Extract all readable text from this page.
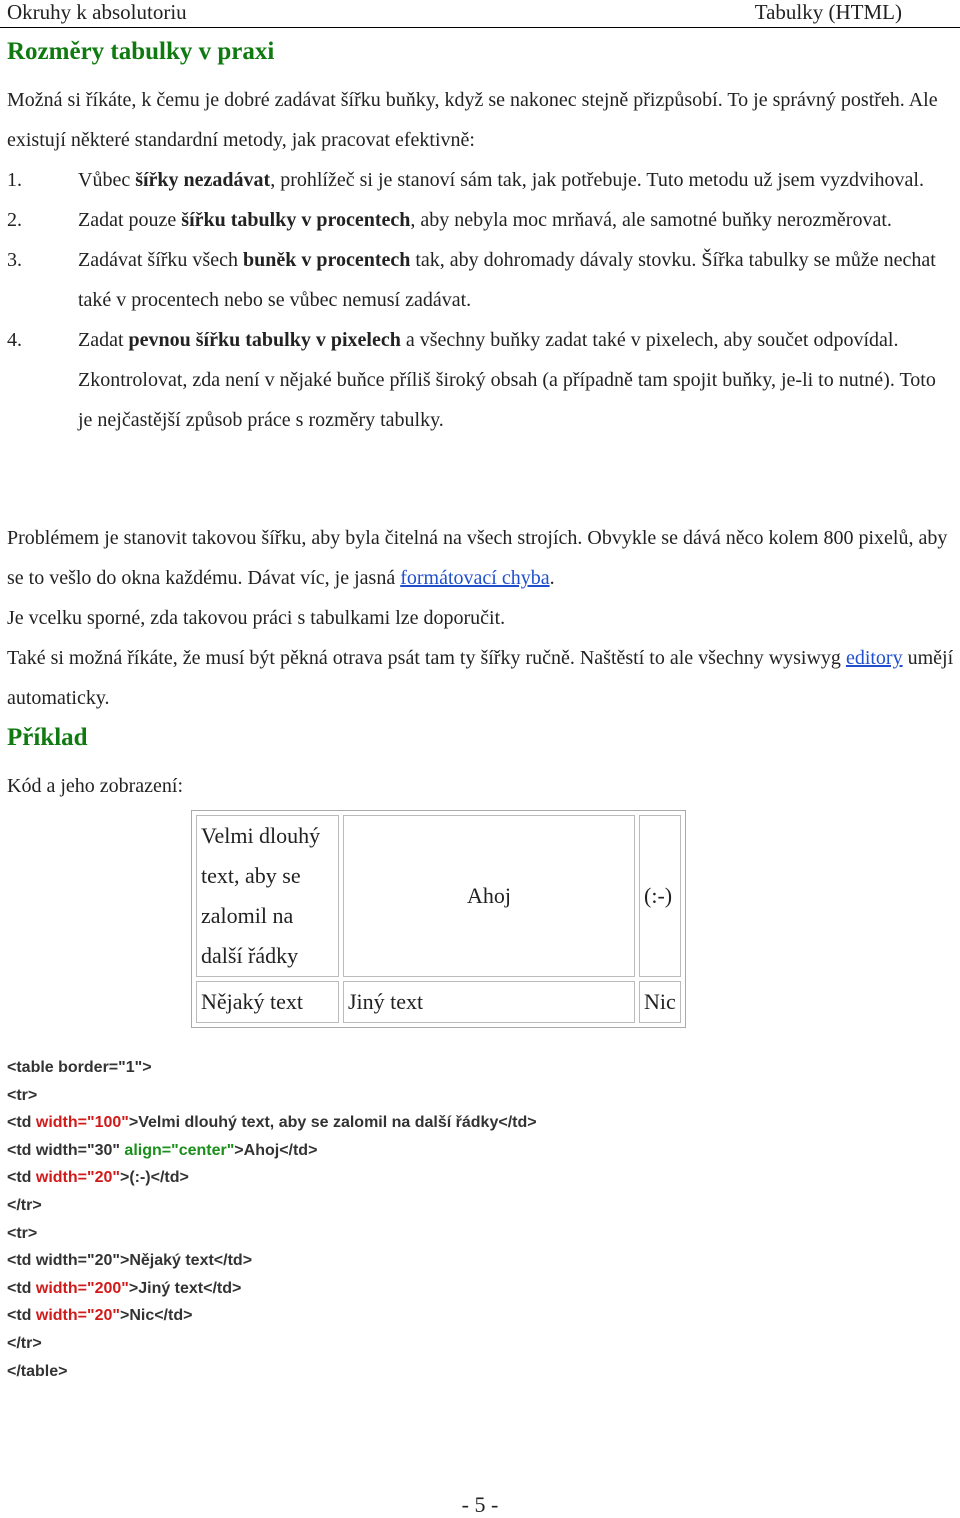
Okruhy k absolutoriu	Tabulky (HTML)
Rozměry tabulky v praxi
Možná si říkáte, k čemu je dobré zadávat šířku buňky, když se nakonec stejně přizpůsobí. To je správný postřeh. Ale existují některé standardní metody, jak pracovat efektivně:
1.	Vůbec šířky nezadávat, prohlížeč si je stanoví sám tak, jak potřebuje. Tuto metodu už jsem vyzdvihoval.
2.	Zadat pouze šířku tabulky v procentech, aby nebyla moc mrňavá, ale samotné buňky nerozměrovat.
3.	Zadávat šířku všech buněk v procentech tak, aby dohromady dávaly stovku. Šířka tabulky se může nechat také v procentech nebo se vůbec nemusí zadávat.
4.	Zadat pevnou šířku tabulky v pixelech a všechny buňky zadat také v pixelech, aby součet odpovídal. Zkontrolovat, zda není v nějaké buňce příliš široký obsah (a případně tam spojit buňky, je-li to nutné). Toto je nejčastější způsob práce s rozměry tabulky.
Problémem je stanovit takovou šířku, aby byla čitelná na všech strojích. Obvykle se dává něco kolem 800 pixelů, aby se to vešlo do okna každému. Dávat víc, je jasná formátovací chyba.
Je vcelku sporné, zda takovou práci s tabulkami lze doporučit.
Také si možná říkáte, že musí být pěkná otrava psát tam ty šířky ručně. Naštěstí to ale všechny wysiwyg editory umějí automaticky.
Příklad
Kód a jeho zobrazení:
Velmi dlouhý text, aby se zalomil na další řádky	Ahoj	(:-)
Nějaký text	Jiný text	Nic
<table border="1">
<tr>
<td width="100">Velmi dlouhý text, aby se zalomil na další řádky</td>
<td width="30" align="center">Ahoj</td>
<td width="20">(:-)</td>
</tr>
<tr>
<td width="20">Nějaký text</td>
<td width="200">Jiný text</td>
<td width="20">Nic</td>
</tr>
</table>
- 5 -
